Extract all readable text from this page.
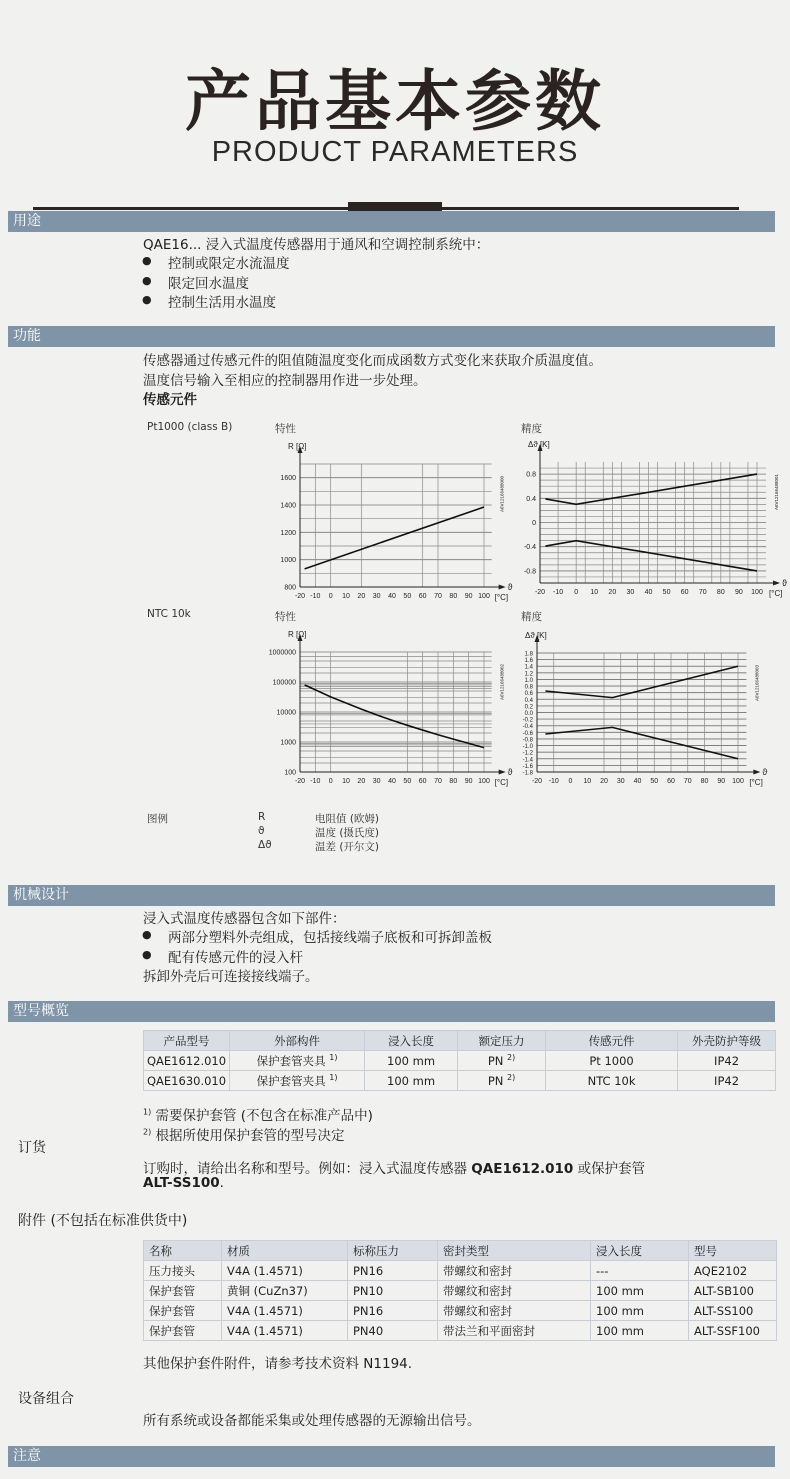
产品基本参数
PRODUCT PARAMETERS
用途
QAE16... 浸入式温度传感器用于通风和空调控制系统中：
● 控制或限定水流温度
● 限定回水温度
● 控制生活用水温度
功能
传感器通过传感元件的阻值随温度变化而成函数方式变化来获取介质温度值。
温度信号输入至相应的控制器用作进一步处理。
传感元件
Pt1000 (class B)	特性	精度
NTC 10k	特性	精度
800
1000
1200
1400
1600
-20 -10 0 10 20 30 40 50 60 70 80 90 100
R [Ω]
ϑ
[°C]
A6V12166488000
-0.8
-0.4
0
0.4
0.8
-20 -10 0 10 20 30 40 50 60 70 80 90 100
Δϑ [K]
ϑ
[°C]
A6V12166488001
100
1000
10000
100000
1000000
-20 -10 0 10 20 30 40 50 60 70 80 90 100
R [Ω]
ϑ
[°C]
A6V12166488002
-1.8
-1.6
-1.4
-1.2
-1.0
-0.8
-0.6
-0.4
-0.2
0.0
0.2
0.4
0.6
0.8
1.0
1.2
1.4
1.6
1.8
-20 -10 0 10 20 30 40 50 60 70 80 90 100
Δϑ [K]
ϑ
[°C]
A6V12166488003
图例	R	电阻值 (欧姆)
ϑ	温度 (摄氏度)
Δϑ	温差 (开尔文)
机械设计
浸入式温度传感器包含如下部件：
● 两部分塑料外壳组成，包括接线端子底板和可拆卸盖板
● 配有传感元件的浸入杆
拆卸外壳后可连接接线端子。
型号概览
产品型号	外部构件	浸入长度	额定压力	传感元件	外壳防护等级
QAE1612.010	保护套管夹具 $^{1)}$	100 mm	PN $^{2)}$	Pt 1000	IP42
QAE1630.010	保护套管夹具 $^{1)}$	100 mm	PN $^{2)}$	NTC 10k	IP42
$^{1)}$ 需要保护套管 (不包含在标准产品中)
$^{2)}$ 根据所使用保护套管的型号决定
订货
订购时，请给出名称和型号。例如：浸入式温度传感器 QAE1612.010 或保护套管
ALT-SS100.
附件 (不包括在标准供货中)
名称	材质	标称压力	密封类型	浸入长度	型号
压力接头	V4A (1.4571)	PN16	带螺纹和密封	---	AQE2102
保护套管	黄铜 (CuZn37)	PN10	带螺纹和密封	100 mm	ALT-SB100
保护套管	V4A (1.4571)	PN16	带螺纹和密封	100 mm	ALT-SS100
保护套管	V4A (1.4571)	PN40	带法兰和平面密封	100 mm	ALT-SSF100
其他保护套件附件，请参考技术资料 N1194.
设备组合
所有系统或设备都能采集或处理传感器的无源输出信号。
注意
